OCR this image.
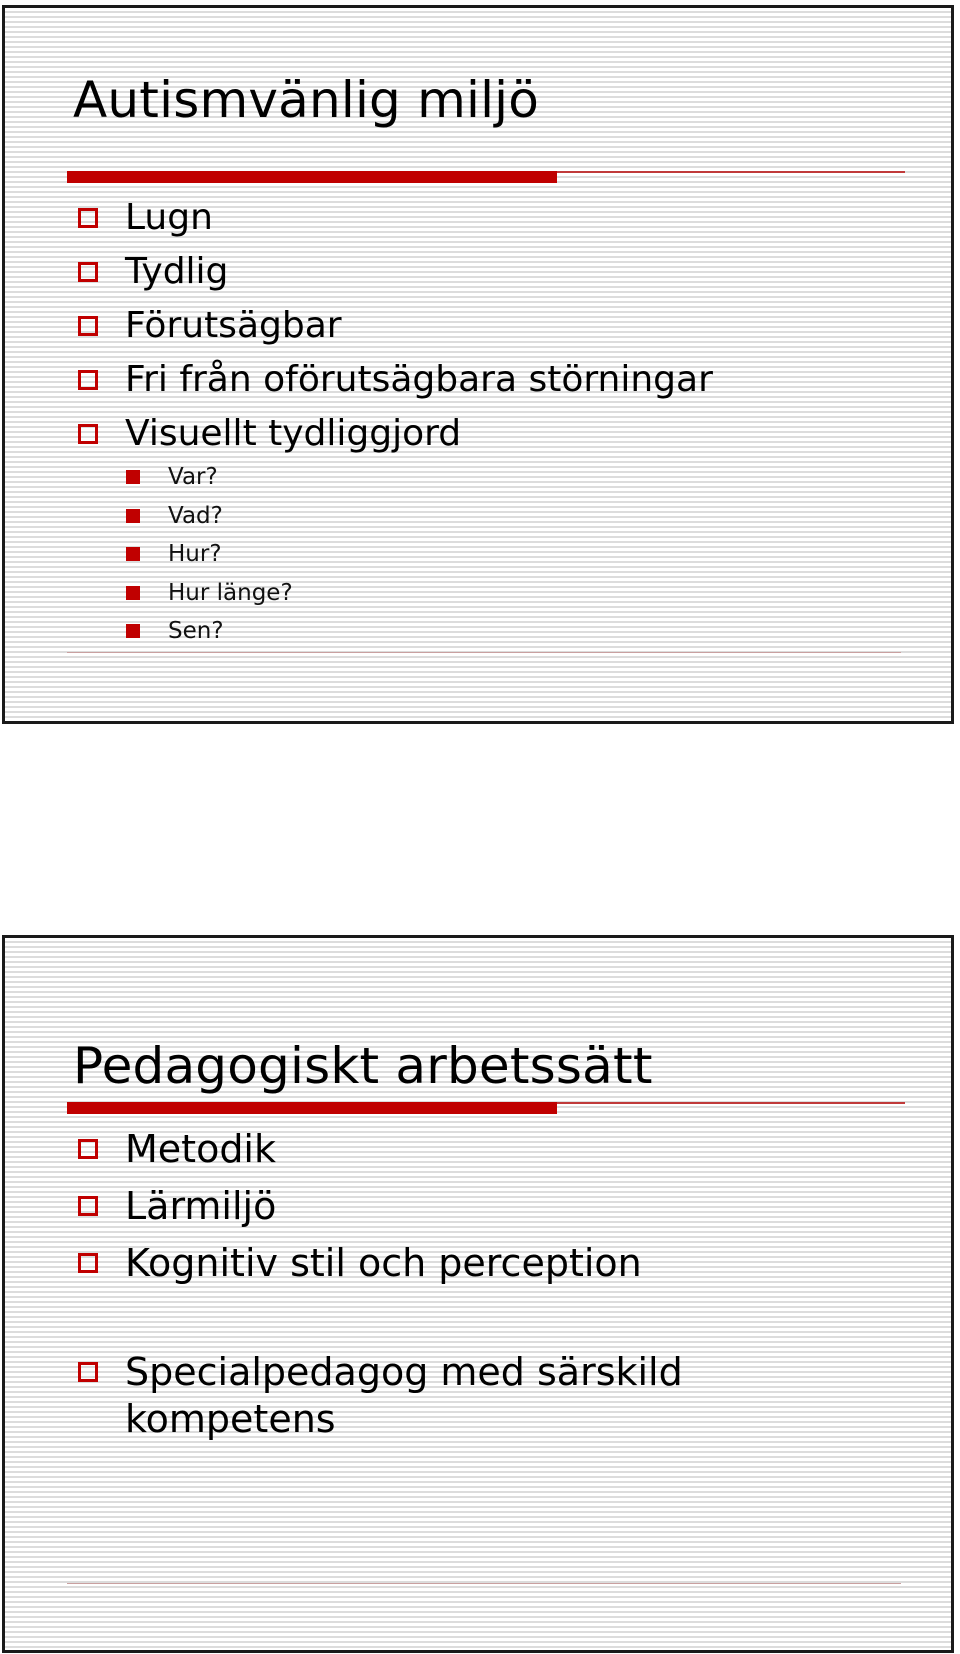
Autismvänlig miljö
Lugn
Tydlig
Förutsägbar
Fri från oförutsägbara störningar
Visuellt tydliggjord
Var?
Vad?
Hur?
Hur länge?
Sen?
Pedagogiskt arbetssätt
Metodik
Lärmiljö
Kognitiv stil och perception
Specialpedagog med särskild kompetens
